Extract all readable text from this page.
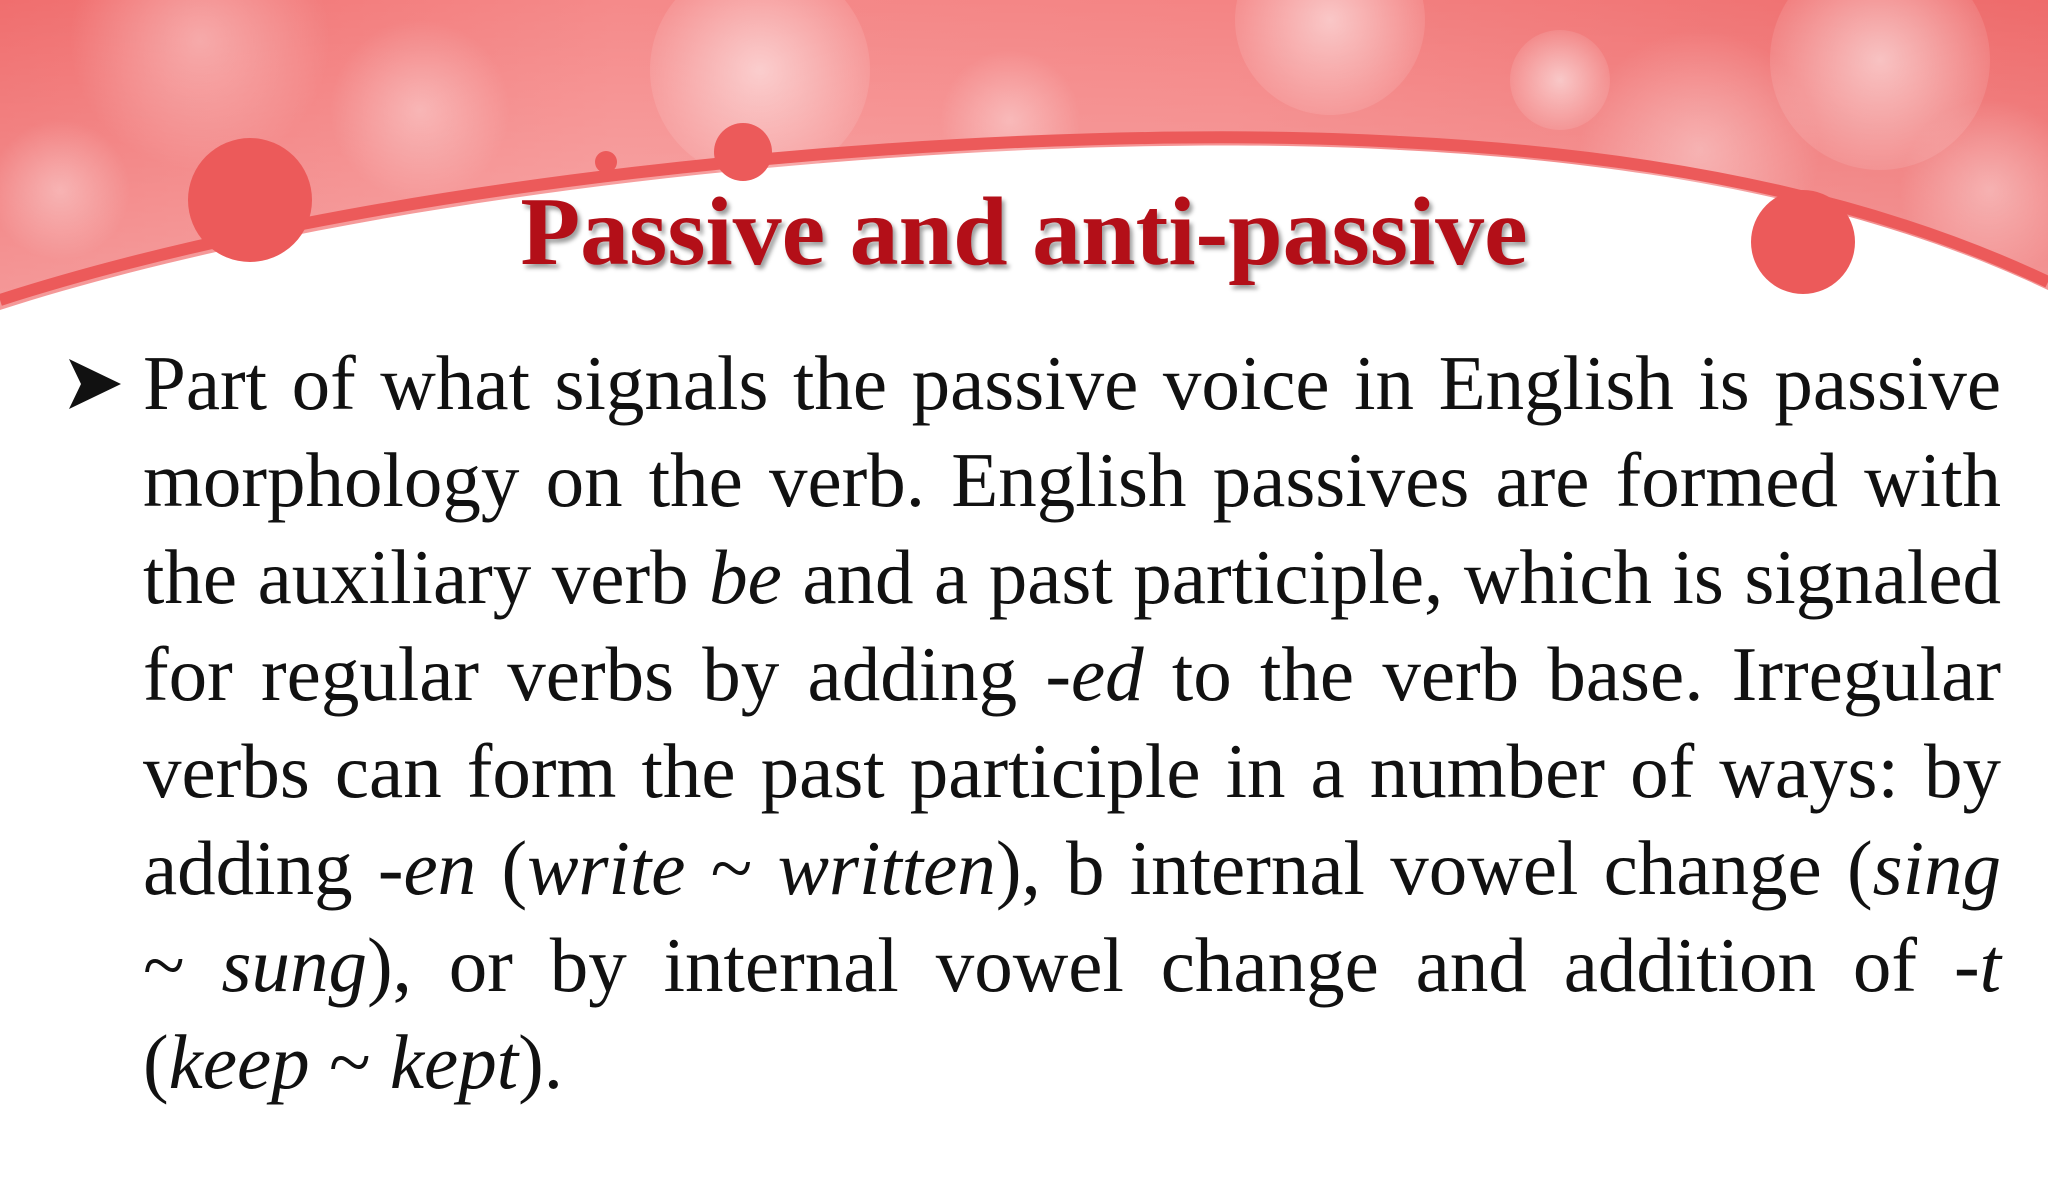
Passive and anti-passive

Part of what signals the passive voice in English is passive morphology on the verb. English passives are formed with the auxiliary verb be and a past participle, which is signaled for regular verbs by adding -ed to the verb base. Irregular verbs can form the past participle in a number of ways: by adding -en (write ~ written), b internal vowel change (sing ~ sung), or by internal vowel change and addition of -t (keep ~ kept).
